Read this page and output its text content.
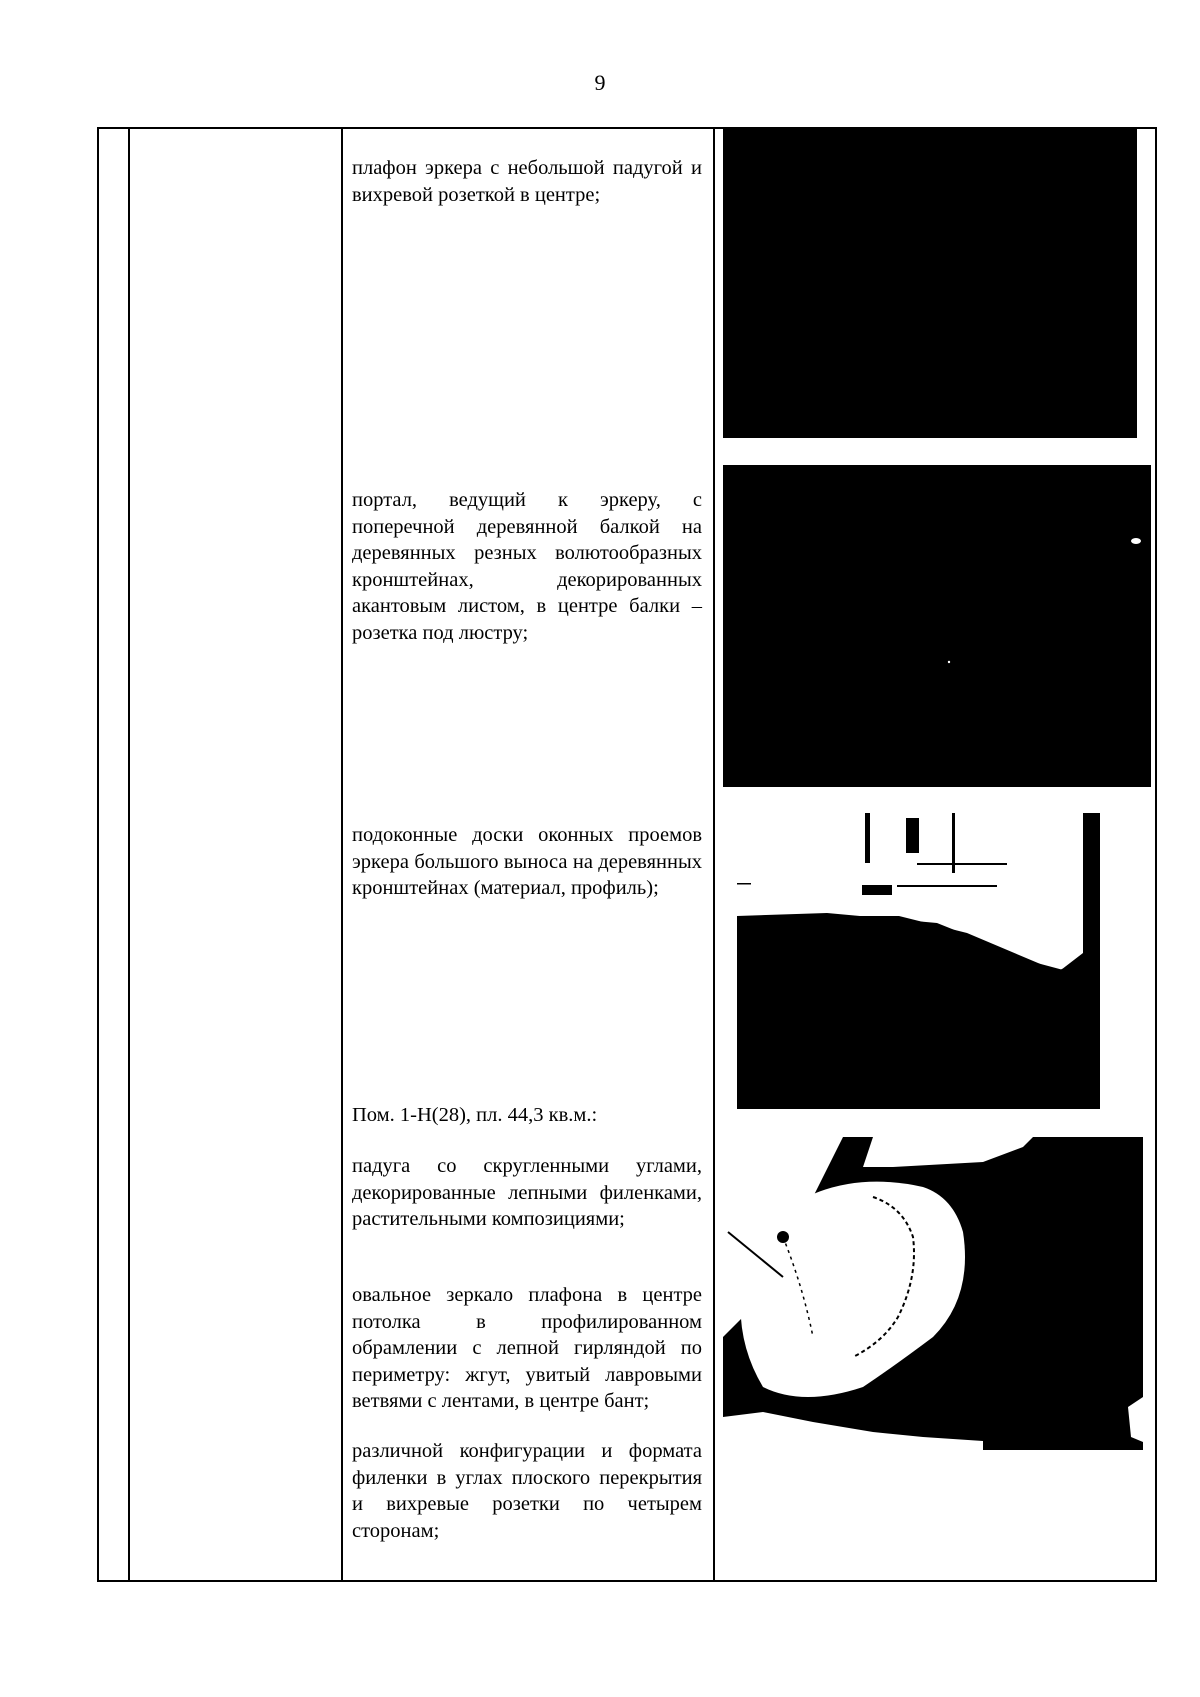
9
плафон эркера с небольшой падугой и вихревой розеткой в центре;
портал, ведущий к эркеру, с поперечной деревянной балкой на деревянных резных волютообразных кронштейнах, декорированных акантовым листом, в центре балки – розетка под люстру;
подоконные доски оконных проемов эркера большого выноса на деревянных кронштейнах (материал, профиль);
Пом. 1-Н(28), пл. 44,3 кв.м.:
падуга со скругленными углами, декорированные лепными филенками, растительными композициями;
овальное зеркало плафона в центре потолка в профилированном обрамлении с лепной гирляндой по периметру: жгут, увитый лавровыми ветвями с лентами, в центре бант;
различной конфигурации и формата филенки в углах плоского перекрытия и вихревые розетки по четырем сторонам;
